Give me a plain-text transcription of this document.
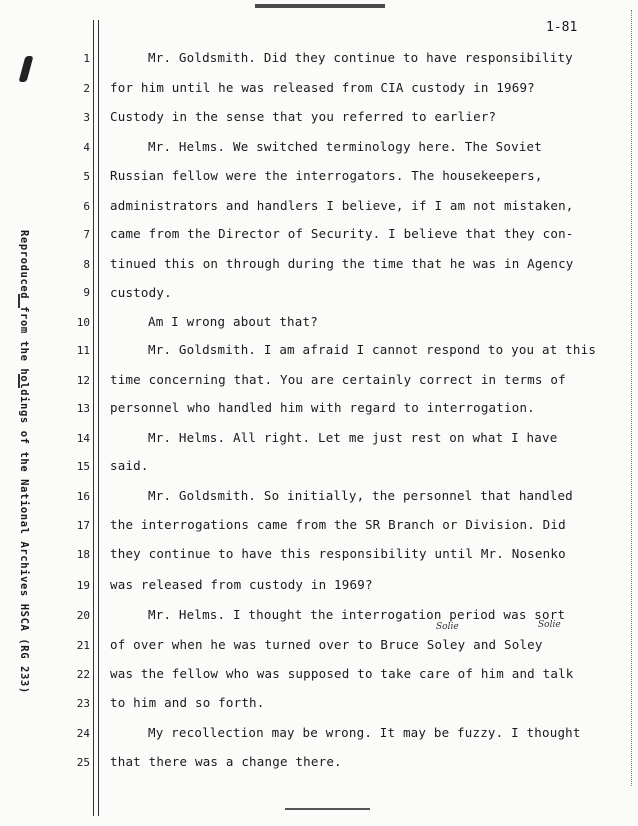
1-81
Reproduced from the holdings of the National Archives HSCA (RG 233)
1
2
3
4
5
6
7
8
9
10
11
12
13
14
15
16
17
18
19
20
21
22
23
24
25
Mr. Goldsmith. Did they continue to have responsibility
for him until he was released from CIA custody in 1969?
Custody in the sense that you referred to earlier?
Mr. Helms. We switched terminology here. The Soviet
Russian fellow were the interrogators. The housekeepers,
administrators and handlers I believe, if I am not mistaken,
came from the Director of Security. I believe that they con-
tinued this on through during the time that he was in Agency
custody.
Am I wrong about that?
Mr. Goldsmith. I am afraid I cannot respond to you at this
time concerning that. You are certainly correct in terms of
personnel who handled him with regard to interrogation.
Mr. Helms. All right. Let me just rest on what I have
said.
Mr. Goldsmith. So initially, the personnel that handled
the interrogations came from the SR Branch or Division. Did
they continue to have this responsibility until Mr. Nosenko
was released from custody in 1969?
Mr. Helms. I thought the interrogation period was sort
of over when he was turned over to Bruce Soley and Soley
was the fellow who was supposed to take care of him and talk
to him and so forth.
My recollection may be wrong. It may be fuzzy. I thought
that there was a change there.
Solie	Solie
